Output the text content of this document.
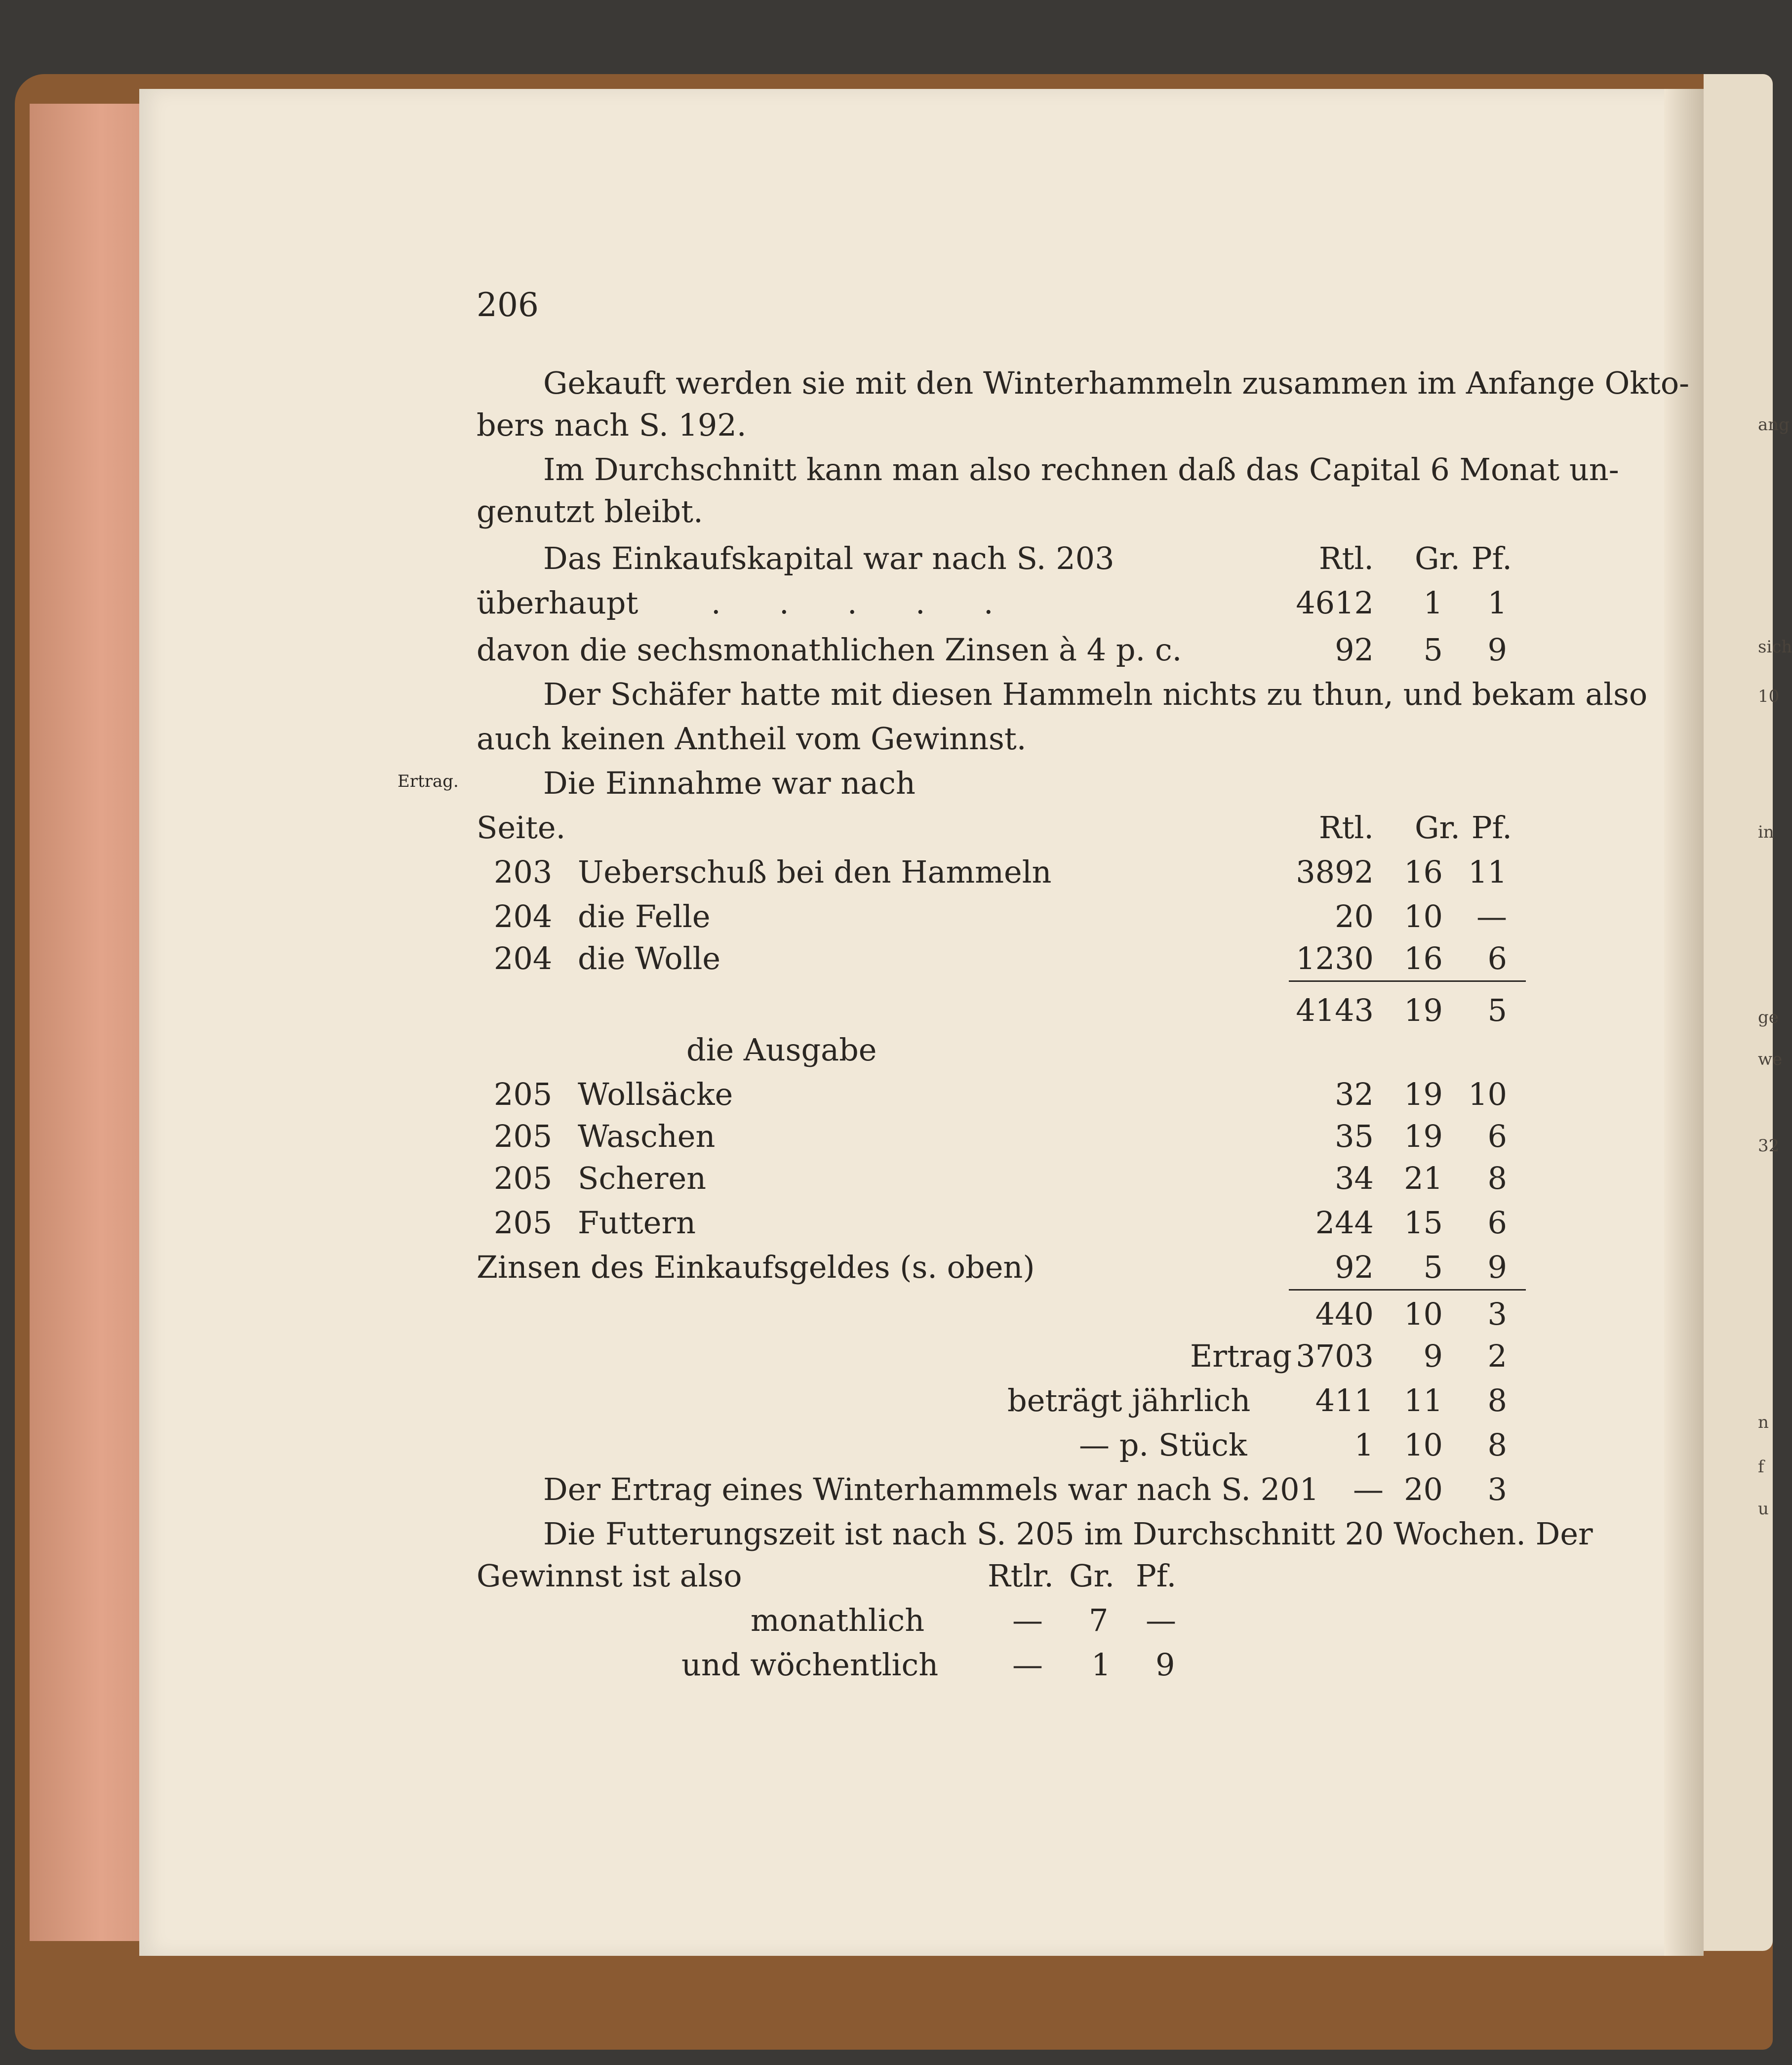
ang
sich
10
in
ge
we
32
n
f
u
206
Gekauft werden sie mit den Winterhammeln zusammen im Anfange Okto-
bers nach S. 192.
Im Durchschnitt kann man also rechnen daß das Capital 6 Monat un-
genutzt bleibt.
Das Einkaufskapital war nach S. 203	Rtl. Gr. Pf.
überhaupt .      .      .      .      .	4612 1 1
davon die sechsmonathlichen Zinsen à 4 p. c.	92 5 9
Der Schäfer hatte mit diesen Hammeln nichts zu thun, und bekam also
auch keinen Antheil vom Gewinnst.
Ertrag.	Die Einnahme war nach
Seite.	Rtl. Gr. Pf.
203 Ueberschuß bei den Hammeln	3892 16 11
204 die Felle	20 10 —
204 die Wolle	1230 16 6
4143 19 5
die Ausgabe
205 Wollsäcke	32 19 10
205 Waschen	35 19 6
205 Scheren	34 21 8
205 Futtern	244 15 6
Zinsen des Einkaufsgeldes (s. oben)	92 5 9
440 10 3
Ertrag 3703 9 2
beträgt jährlich 411 11 8
— p. Stück	1 10 8
Der Ertrag eines Winterhammels war nach S. 201 — 20 3
Die Futterungszeit ist nach S. 205 im Durchschnitt 20 Wochen. Der
Gewinnst ist also	Rtlr. Gr. Pf.
monathlich	— 7 —
und wöchentlich — 1 9
